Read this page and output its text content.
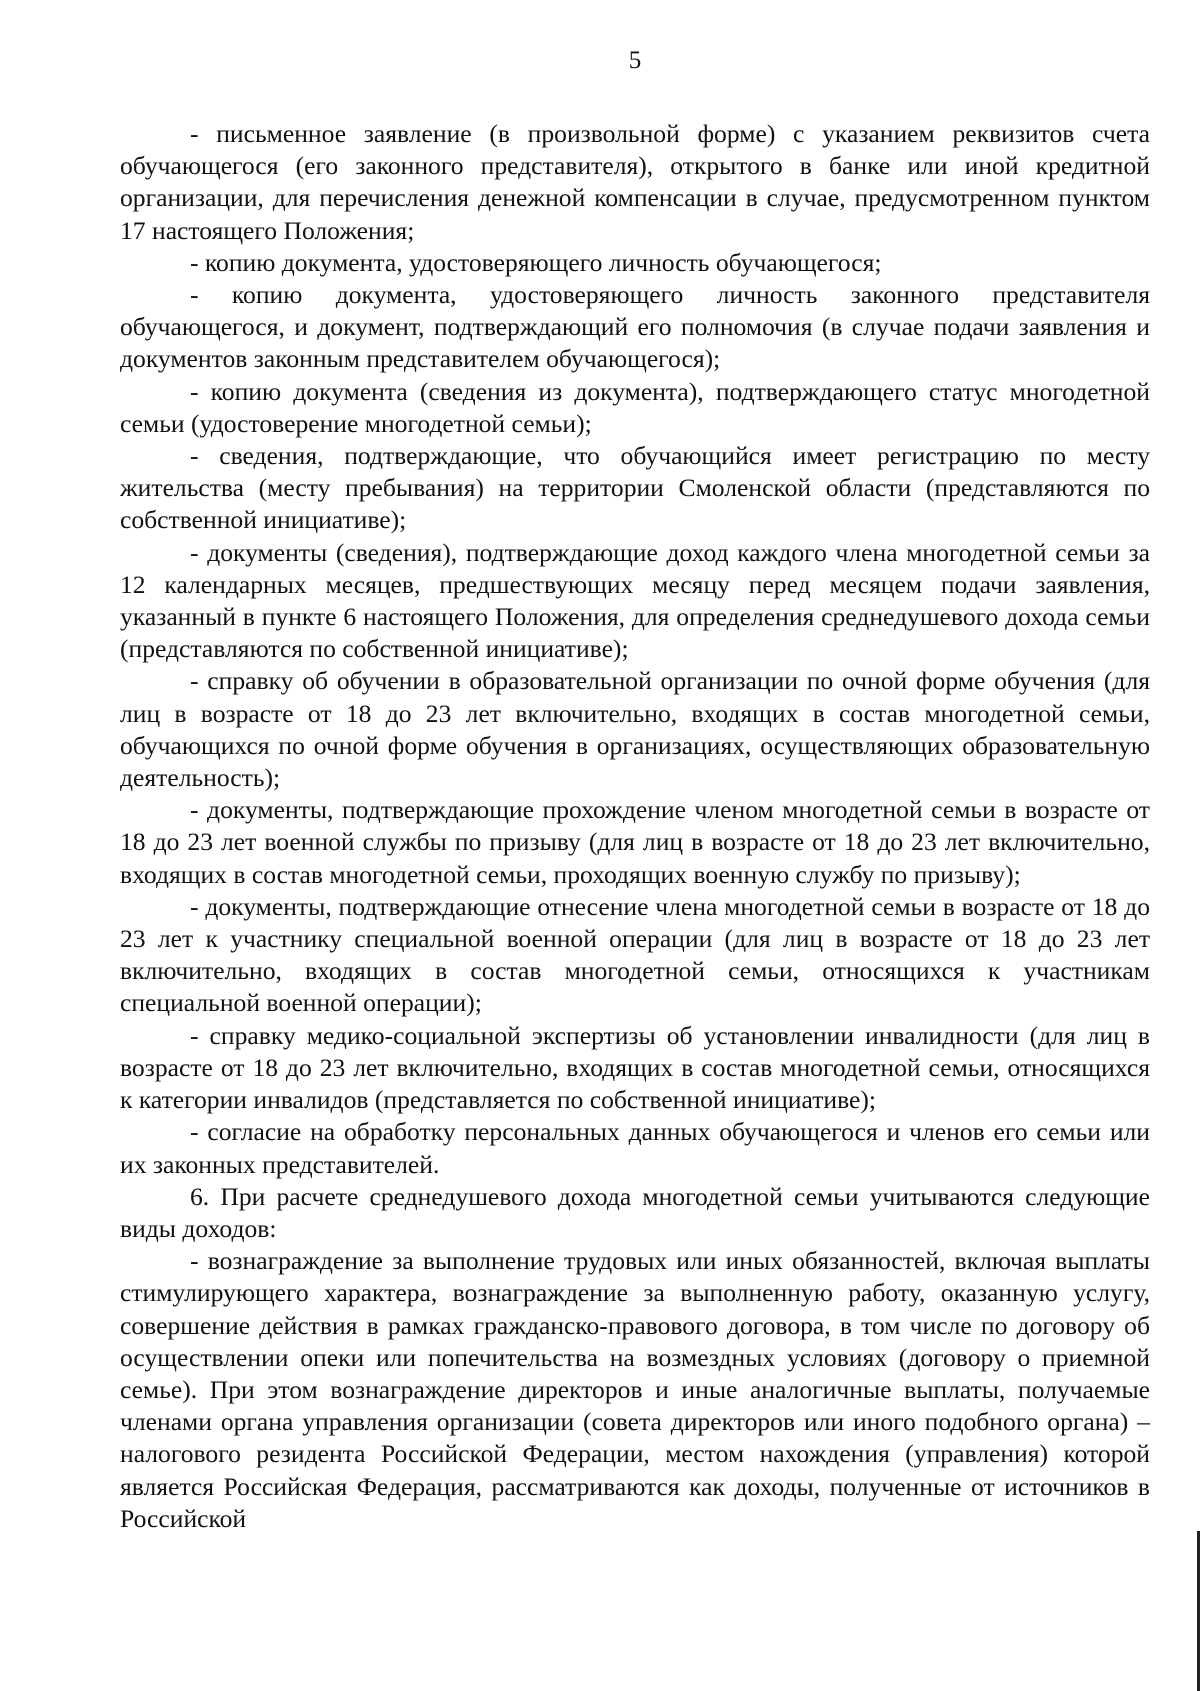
5

- письменное заявление (в произвольной форме) с указанием реквизитов счета обучающегося (его законного представителя), открытого в банке или иной кредитной организации, для перечисления денежной компенсации в случае, предусмотренном пунктом 17 настоящего Положения;

- копию документа, удостоверяющего личность обучающегося;

- копию документа, удостоверяющего личность законного представителя обучающегося, и документ, подтверждающий его полномочия (в случае подачи заявления и документов законным представителем обучающегося);

- копию документа (сведения из документа), подтверждающего статус многодетной семьи (удостоверение многодетной семьи);

- сведения, подтверждающие, что обучающийся имеет регистрацию по месту жительства (месту пребывания) на территории Смоленской области (представляются по собственной инициативе);

- документы (сведения), подтверждающие доход каждого члена многодетной семьи за 12 календарных месяцев, предшествующих месяцу перед месяцем подачи заявления, указанный в пункте 6 настоящего Положения, для определения среднедушевого дохода семьи (представляются по собственной инициативе);

- справку об обучении в образовательной организации по очной форме обучения (для лиц в возрасте от 18 до 23 лет включительно, входящих в состав многодетной семьи, обучающихся по очной форме обучения в организациях, осуществляющих образовательную деятельность);

- документы, подтверждающие прохождение членом многодетной семьи в возрасте от 18 до 23 лет военной службы по призыву (для лиц в возрасте от 18 до 23 лет включительно, входящих в состав многодетной семьи, проходящих военную службу по призыву);

- документы, подтверждающие отнесение члена многодетной семьи в возрасте от 18 до 23 лет к участнику специальной военной операции (для лиц в возрасте от 18 до 23 лет включительно, входящих в состав многодетной семьи, относящихся к участникам специальной военной операции);

- справку медико-социальной экспертизы об установлении инвалидности (для лиц в возрасте от 18 до 23 лет включительно, входящих в состав многодетной семьи, относящихся к категории инвалидов (представляется по собственной инициативе);

- согласие на обработку персональных данных обучающегося и членов его семьи или их законных представителей.

6. При расчете среднедушевого дохода многодетной семьи учитываются следующие виды доходов:

- вознаграждение за выполнение трудовых или иных обязанностей, включая выплаты стимулирующего характера, вознаграждение за выполненную работу, оказанную услугу, совершение действия в рамках гражданско-правового договора, в том числе по договору об осуществлении опеки или попечительства на возмездных условиях (договору о приемной семье). При этом вознаграждение директоров и иные аналогичные выплаты, получаемые членами органа управления организации (совета директоров или иного подобного органа) – налогового резидента Российской Федерации, местом нахождения (управления) которой является Российская Федерация, рассматриваются как доходы, полученные от источников в Российской
